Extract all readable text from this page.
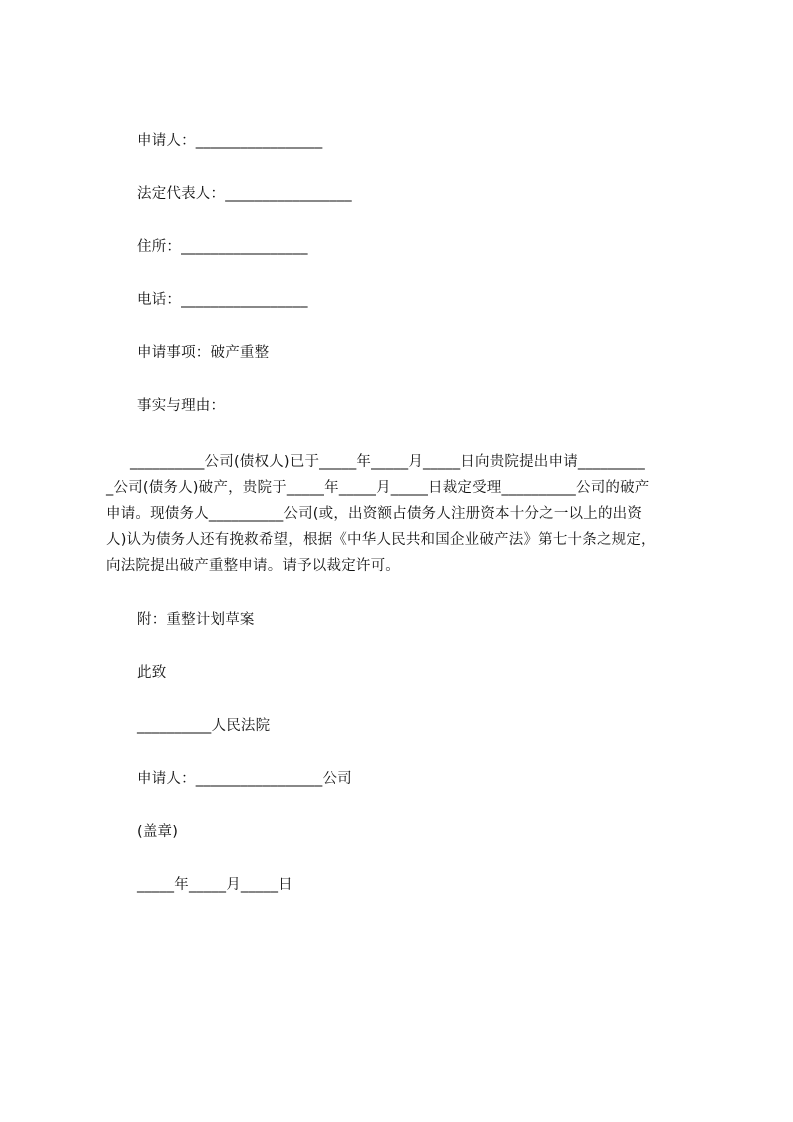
申请人：_________________
法定代表人：_________________
住所：_________________
电话：_________________
申请事项：破产重整
事实与理由：
__________公司(债权人)已于_____年_____月_____日向贵院提出申请_________
_公司(债务人)破产，贵院于_____年_____月_____日裁定受理__________公司的破产
申请。现债务人__________公司(或，出资额占债务人注册资本十分之一以上的出资
人)认为债务人还有挽救希望，根据《中华人民共和国企业破产法》第七十条之规定，
向法院提出破产重整申请。请予以裁定许可。
附：重整计划草案
此致
__________人民法院
申请人：_________________公司
(盖章)
_____年_____月_____日
